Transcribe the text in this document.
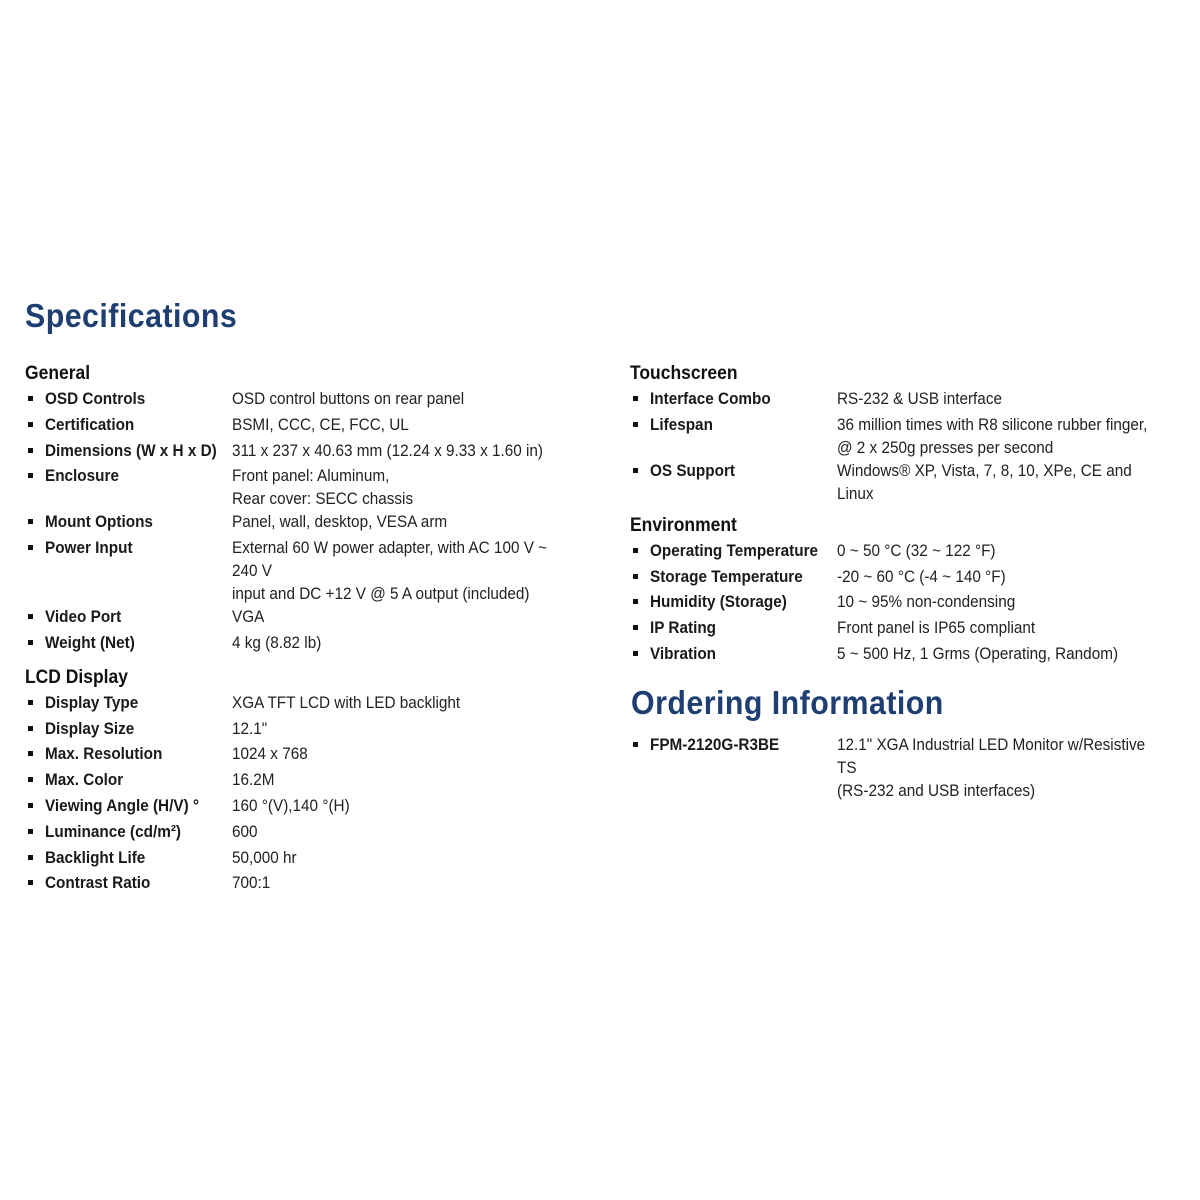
Specifications
General
OSD Controls	OSD control buttons on rear panel
Certification	BSMI, CCC, CE, FCC, UL
Dimensions (W x H x D) 311 x 237 x 40.63 mm (12.24 x 9.33 x 1.60 in)
Enclosure	Front panel: Aluminum,
Rear cover: SECC chassis
Mount Options	Panel, wall, desktop, VESA arm
Power Input	External 60 W power adapter, with AC 100 V ~ 240 V
input and DC +12 V @ 5 A output (included)
Video Port	VGA
Weight (Net)	4 kg (8.82 lb)
LCD Display
Display Type	XGA TFT LCD with LED backlight
Display Size	12.1"
Max. Resolution	1024 x 768
Max. Color	16.2M
Viewing Angle (H/V) °	160 °(V),140 °(H)
Luminance (cd/m²)	600
Backlight Life	50,000 hr
Contrast Ratio	700:1
Touchscreen
Interface Combo	RS-232 & USB interface
Lifespan	36 million times with R8 silicone rubber finger,
@ 2 x 250g presses per second
OS Support	Windows® XP, Vista, 7, 8, 10, XPe, CE and Linux
Environment
Operating Temperature 0 ~ 50 °C (32 ~ 122 °F)
Storage Temperature	-20 ~ 60 °C (-4 ~ 140 °F)
Humidity (Storage)	10 ~ 95% non-condensing
IP Rating	Front panel is IP65 compliant
Vibration	5 ~ 500 Hz, 1 Grms (Operating, Random)
Ordering Information
FPM-2120G-R3BE	12.1" XGA Industrial LED Monitor w/Resistive TS
(RS-232 and USB interfaces)
